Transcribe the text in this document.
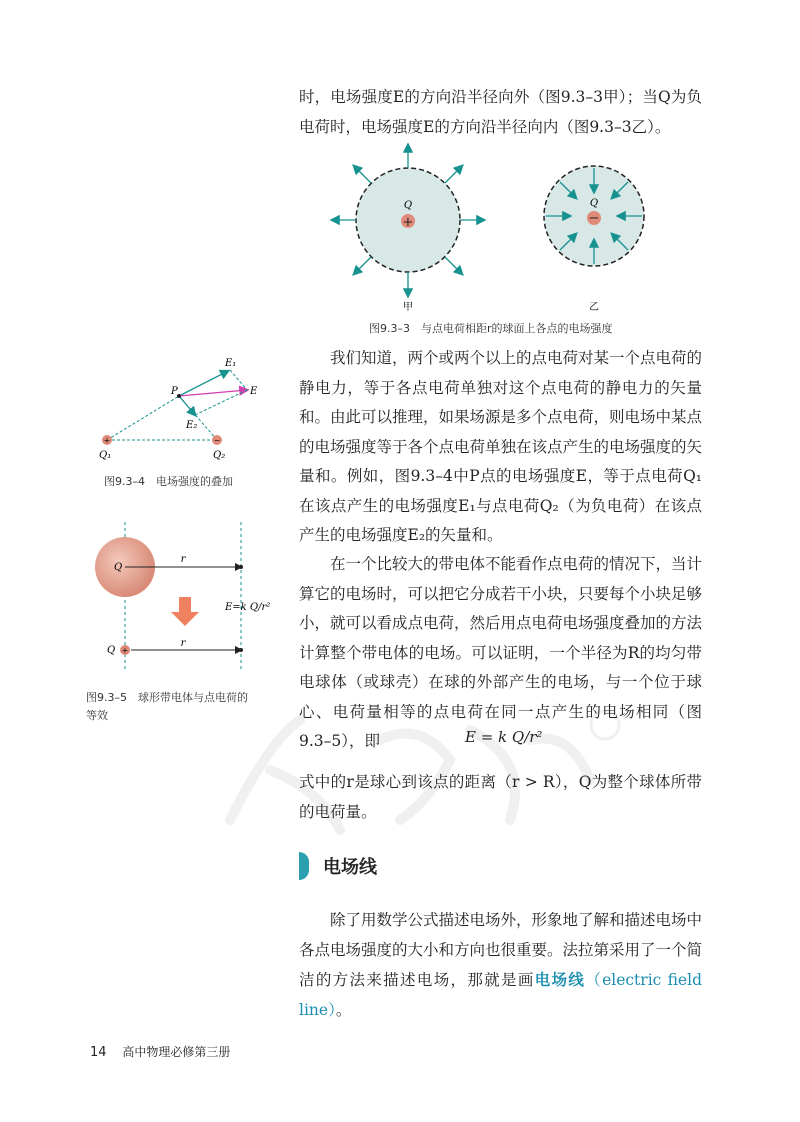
时，电场强度E的方向沿半径向外（图9.3–3甲）；当Q为负电荷时，电场强度E的方向沿半径向内（图9.3–3乙）。

+
Q
甲
−
Q
乙
图9.3–3　与点电荷相距r的球面上各点的电场强度

我们知道，两个或两个以上的点电荷对某一个点电荷的静电力，等于各点电荷单独对这个点电荷的静电力的矢量和。由此可以推理，如果场源是多个点电荷，则电场中某点的电场强度等于各个点电荷单独在该点产生的电场强度的矢量和。例如，图9.3–4中P点的电场强度E，等于点电荷Q₁在该点产生的电场强度E₁与点电荷Q₂（为负电荷）在该点产生的电场强度E₂的矢量和。

在一个比较大的带电体不能看作点电荷的情况下，当计算它的电场时，可以把它分成若干小块，只要每个小块足够小，就可以看成点电荷，然后用点电荷电场强度叠加的方法计算整个带电体的电场。可以证明，一个半径为R的均匀带电球体（或球壳）在球的外部产生的电场，与一个位于球心、电荷量相等的点电荷在同一点产生的电场相同（图9.3–5），即	E = k Q/r²

式中的r是球心到该点的距离（r > R），Q为整个球体所带的电荷量。

电场线

除了用数学公式描述电场外，形象地了解和描述电场中各点电场强度的大小和方向也很重要。法拉第采用了一个简洁的方法来描述电场，那就是画电场线（electric field line）。

+	−
E₁
E₂
E
P
Q₁	Q₂
图9.3–4　电场强度的叠加
Q
r
E=k Q/r²
+
Q
r
图9.3–5　球形带电体与点电荷的
等效
14 高中物理必修第三册
